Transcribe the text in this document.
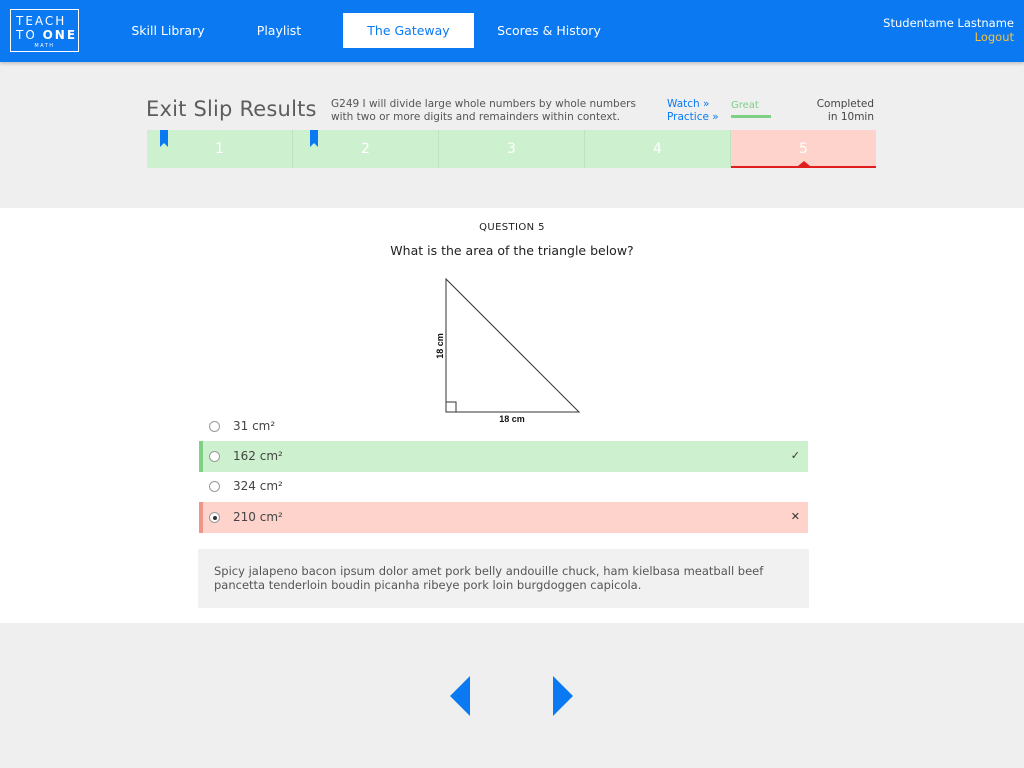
TEACH
TO ONE
MATH
Skill Library	Playlist	The Gateway	Scores & History	Studentame Lastname
Logout
Exit Slip Results G249 I will divide large whole numbers by whole numbers with two or more digits and remainders within context.
Watch »
Practice »
Great	Completed
in 10min
1	2	3	4	5
QUESTION 5
What is the area of the triangle below?
18 cm
18 cm
31 cm²
162 cm²	✓
324 cm²
210 cm²	✕
Spicy jalapeno bacon ipsum dolor amet pork belly andouille chuck, ham kielbasa meatball beef pancetta tenderloin boudin picanha ribeye pork loin burgdoggen capicola.
